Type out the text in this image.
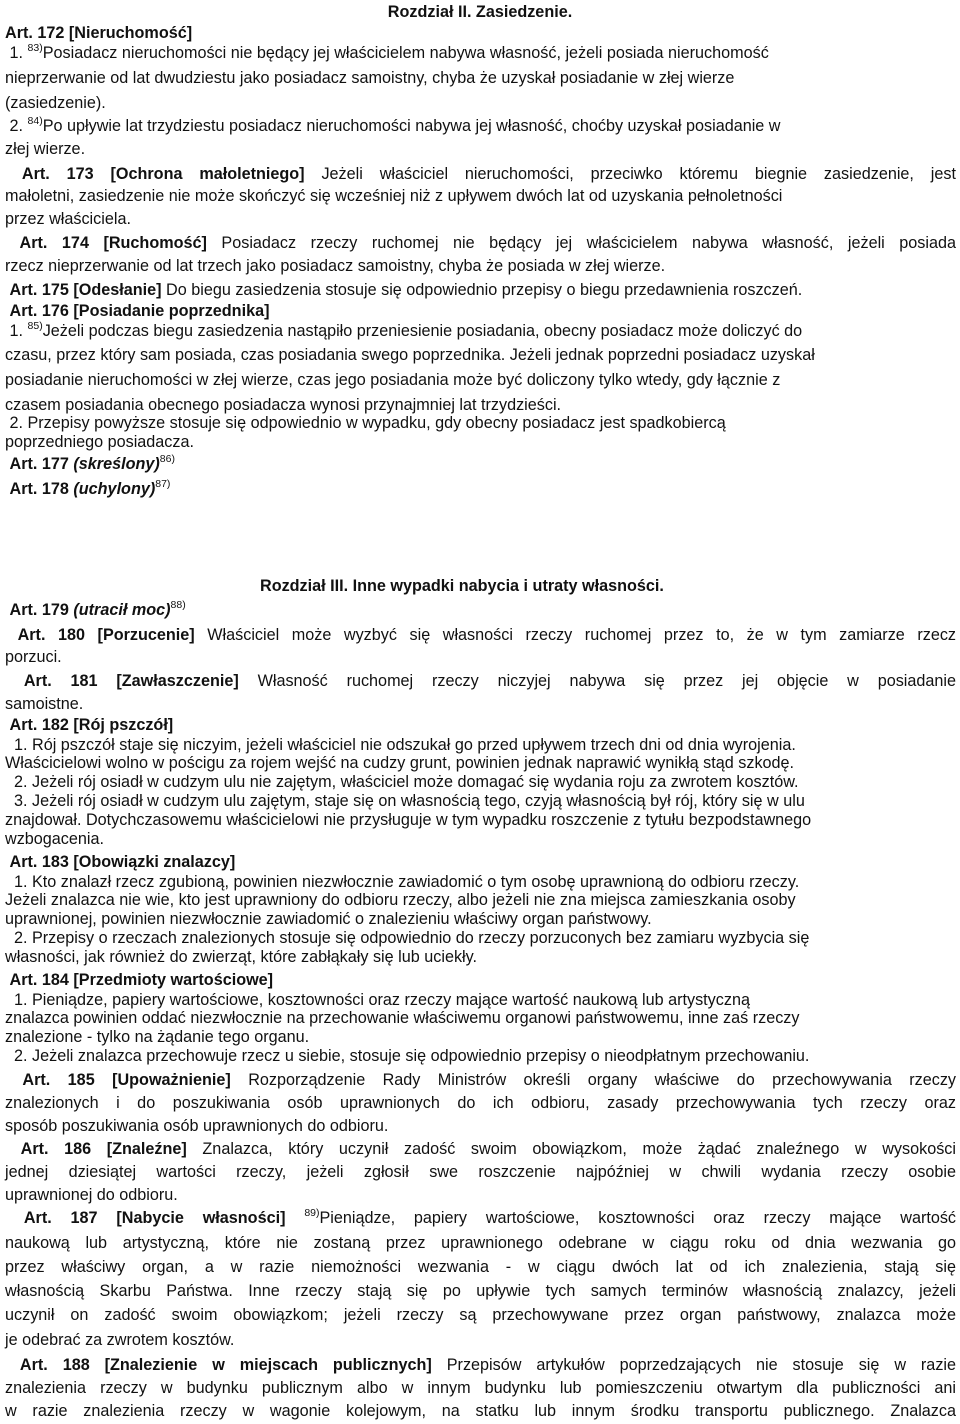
Rozdział II. Zasiedzenie.
Art. 172 [Nieruchomość]
1. $^{83)}$Posiadacz nieruchomości nie będący jej właścicielem nabywa własność, jeżeli posiada nieruchomość
nieprzerwanie od lat dwudziestu jako posiadacz samoistny, chyba że uzyskał posiadanie w złej wierze
(zasiedzenie).
2. $^{84)}$Po upływie lat trzydziestu posiadacz nieruchomości nabywa jej własność, choćby uzyskał posiadanie w
złej wierze.
Art. 173 [Ochrona małoletniego] Jeżeli właściciel nieruchomości, przeciwko któremu biegnie zasiedzenie, jest
małoletni, zasiedzenie nie może skończyć się wcześniej niż z upływem dwóch lat od uzyskania pełnoletności
przez właściciela.
Art. 174 [Ruchomość] Posiadacz rzeczy ruchomej nie będący jej właścicielem nabywa własność, jeżeli posiada
rzecz nieprzerwanie od lat trzech jako posiadacz samoistny, chyba że posiada w złej wierze.
Art. 175 [Odesłanie] Do biegu zasiedzenia stosuje się odpowiednio przepisy o biegu przedawnienia roszczeń.
Art. 176 [Posiadanie poprzednika]
1. $^{85)}$Jeżeli podczas biegu zasiedzenia nastąpiło przeniesienie posiadania, obecny posiadacz może doliczyć do
czasu, przez który sam posiada, czas posiadania swego poprzednika. Jeżeli jednak poprzedni posiadacz uzyskał
posiadanie nieruchomości w złej wierze, czas jego posiadania może być doliczony tylko wtedy, gdy łącznie z
czasem posiadania obecnego posiadacza wynosi przynajmniej lat trzydzieści.
2. Przepisy powyższe stosuje się odpowiednio w wypadku, gdy obecny posiadacz jest spadkobiercą
poprzedniego posiadacza.
Art. 177 (skreślony)$^{86)}$
Art. 178 (uchylony)$^{87)}$
Rozdział III. Inne wypadki nabycia i utraty własności.
Art. 179 (utracił moc)$^{88)}$
Art. 180 [Porzucenie] Właściciel może wyzbyć się własności rzeczy ruchomej przez to, że w tym zamiarze rzecz
porzuci.
Art. 181 [Zawłaszczenie] Własność ruchomej rzeczy niczyjej nabywa się przez jej objęcie w posiadanie
samoistne.
Art. 182 [Rój pszczół]
1. Rój pszczół staje się niczyim, jeżeli właściciel nie odszukał go przed upływem trzech dni od dnia wyrojenia.
Właścicielowi wolno w pościgu za rojem wejść na cudzy grunt, powinien jednak naprawić wynikłą stąd szkodę.
2. Jeżeli rój osiadł w cudzym ulu nie zajętym, właściciel może domagać się wydania roju za zwrotem kosztów.
3. Jeżeli rój osiadł w cudzym ulu zajętym, staje się on własnością tego, czyją własnością był rój, który się w ulu
znajdował. Dotychczasowemu właścicielowi nie przysługuje w tym wypadku roszczenie z tytułu bezpodstawnego
wzbogacenia.
Art. 183 [Obowiązki znalazcy]
1. Kto znalazł rzecz zgubioną, powinien niezwłocznie zawiadomić o tym osobę uprawnioną do odbioru rzeczy.
Jeżeli znalazca nie wie, kto jest uprawniony do odbioru rzeczy, albo jeżeli nie zna miejsca zamieszkania osoby
uprawnionej, powinien niezwłocznie zawiadomić o znalezieniu właściwy organ państwowy.
2. Przepisy o rzeczach znalezionych stosuje się odpowiednio do rzeczy porzuconych bez zamiaru wyzbycia się
własności, jak również do zwierząt, które zabłąkały się lub uciekły.
Art. 184 [Przedmioty wartościowe]
1. Pieniądze, papiery wartościowe, kosztowności oraz rzeczy mające wartość naukową lub artystyczną
znalazca powinien oddać niezwłocznie na przechowanie właściwemu organowi państwowemu, inne zaś rzeczy
znalezione - tylko na żądanie tego organu.
2. Jeżeli znalazca przechowuje rzecz u siebie, stosuje się odpowiednio przepisy o nieodpłatnym przechowaniu.
Art. 185 [Upoważnienie] Rozporządzenie Rady Ministrów określi organy właściwe do przechowywania rzeczy
znalezionych i do poszukiwania osób uprawnionych do ich odbioru, zasady przechowywania tych rzeczy oraz
sposób poszukiwania osób uprawnionych do odbioru.
Art. 186 [Znaleźne] Znalazca, który uczynił zadość swoim obowiązkom, może żądać znaleźnego w wysokości
jednej dziesiątej wartości rzeczy, jeżeli zgłosił swe roszczenie najpóźniej w chwili wydania rzeczy osobie
uprawnionej do odbioru.
Art. 187 [Nabycie własności] $^{89)}$Pieniądze, papiery wartościowe, kosztowności oraz rzeczy mające wartość
naukową lub artystyczną, które nie zostaną przez uprawnionego odebrane w ciągu roku od dnia wezwania go
przez właściwy organ, a w razie niemożności wezwania - w ciągu dwóch lat od ich znalezienia, stają się
własnością Skarbu Państwa. Inne rzeczy stają się po upływie tych samych terminów własnością znalazcy, jeżeli
uczynił on zadość swoim obowiązkom; jeżeli rzeczy są przechowywane przez organ państwowy, znalazca może
je odebrać za zwrotem kosztów.
Art. 188 [Znalezienie w miejscach publicznych] Przepisów artykułów poprzedzających nie stosuje się w razie
znalezienia rzeczy w budynku publicznym albo w innym budynku lub pomieszczeniu otwartym dla publiczności ani
w razie znalezienia rzeczy w wagonie kolejowym, na statku lub innym środku transportu publicznego. Znalazca
